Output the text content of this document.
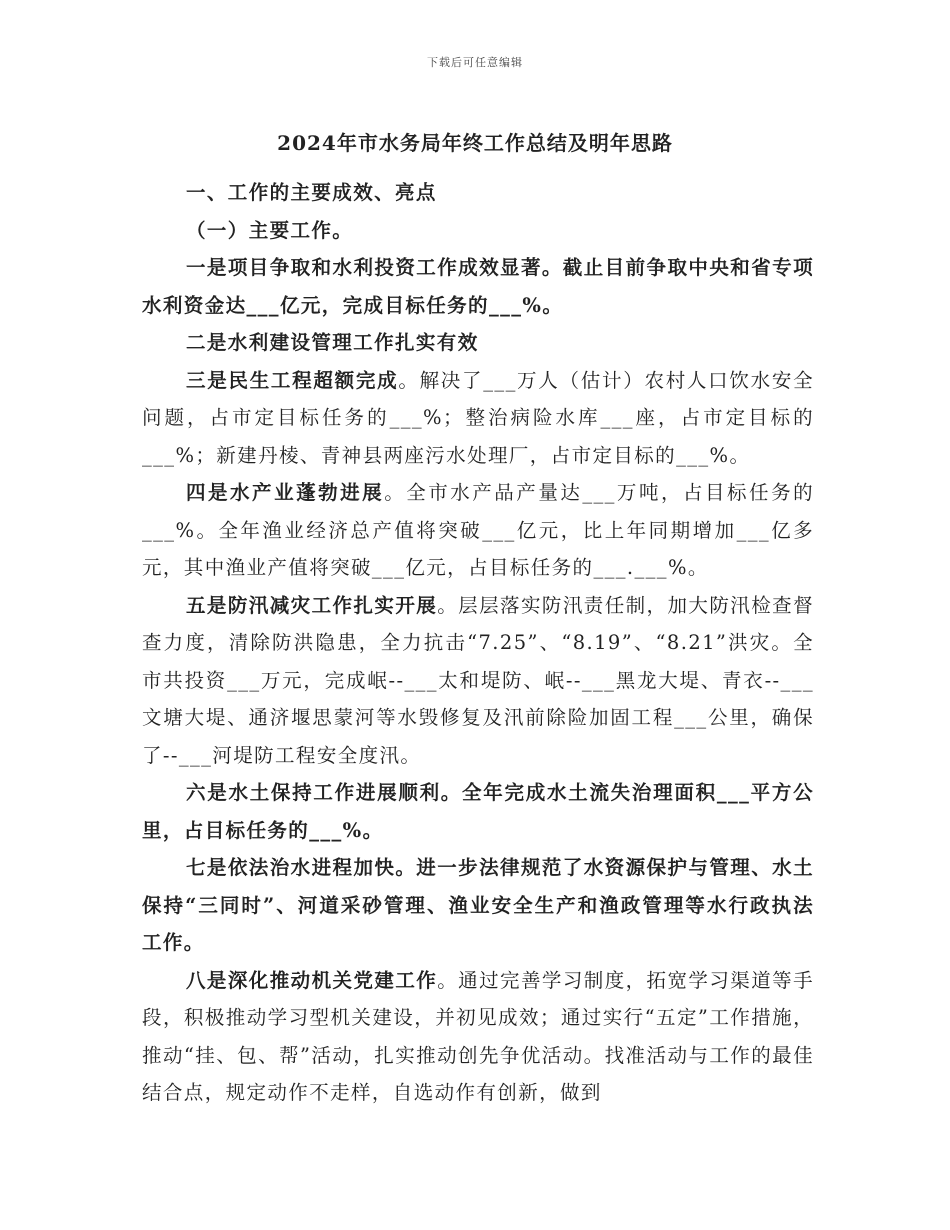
下载后可任意编辑
2024年市水务局年终工作总结及明年思路

一、工作的主要成效、亮点

（一）主要工作。

一是项目争取和水利投资工作成效显著。截止目前争取中央和省专项水利资金达___亿元，完成目标任务的___%。

二是水利建设管理工作扎实有效

三是民生工程超额完成。解决了___万人（估计）农村人口饮水安全问题，占市定目标任务的___%；整治病险水库___座，占市定目标的___%；新建丹棱、青神县两座污水处理厂，占市定目标的___%。

四是水产业蓬勃进展。全市水产品产量达___万吨，占目标任务的___%。全年渔业经济总产值将突破___亿元，比上年同期增加___亿多元，其中渔业产值将突破___亿元，占目标任务的___.___%。

五是防汛减灾工作扎实开展。层层落实防汛责任制，加大防汛检查督查力度，清除防洪隐患，全力抗击“7.25”、“8.19”、“8.21”洪灾。全市共投资___万元，完成岷--___太和堤防、岷--___黑龙大堤、青衣--___文塘大堤、通济堰思蒙河等水毁修复及汛前除险加固工程___公里，确保了--___河堤防工程安全度汛。

六是水土保持工作进展顺利。全年完成水土流失治理面积___平方公里，占目标任务的___%。

七是依法治水进程加快。进一步法律规范了水资源保护与管理、水土保持“三同时”、河道采砂管理、渔业安全生产和渔政管理等水行政执法工作。

八是深化推动机关党建工作。通过完善学习制度，拓宽学习渠道等手段，积极推动学习型机关建设，并初见成效；通过实行“五定”工作措施，推动“挂、包、帮”活动，扎实推动创先争优活动。找准活动与工作的最佳结合点，规定动作不走样，自选动作有创新，做到
